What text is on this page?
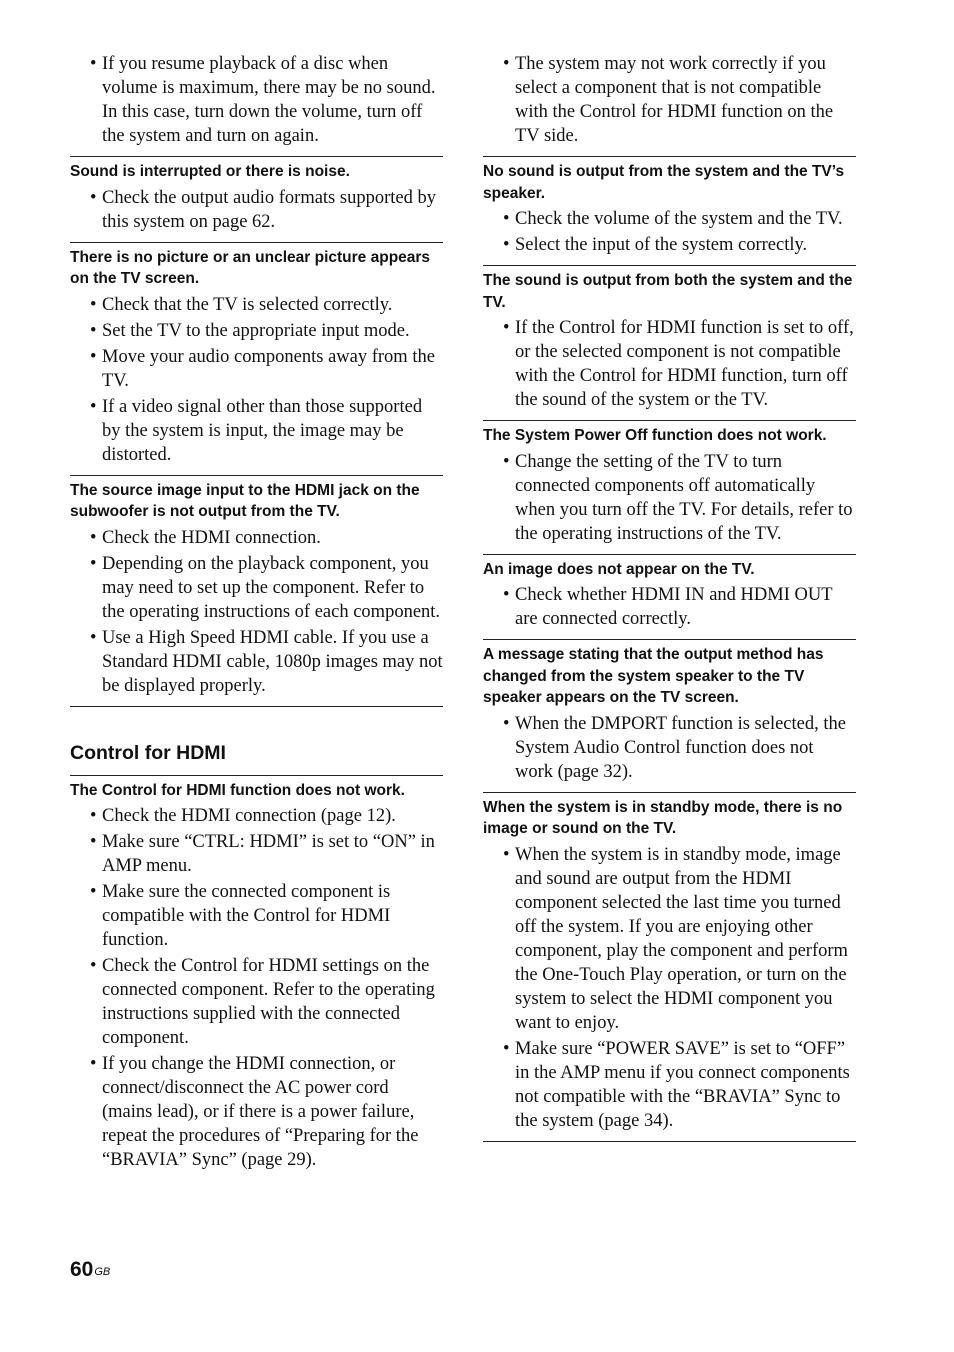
• If you resume playback of a disc when volume is maximum, there may be no sound. In this case, turn down the volume, turn off the system and turn on again.
Sound is interrupted or there is noise.
• Check the output audio formats supported by this system on page 62.
There is no picture or an unclear picture appears on the TV screen.
• Check that the TV is selected correctly.
• Set the TV to the appropriate input mode.
• Move your audio components away from the TV.
• If a video signal other than those supported by the system is input, the image may be distorted.
The source image input to the HDMI jack on the subwoofer is not output from the TV.
• Check the HDMI connection.
• Depending on the playback component, you may need to set up the component. Refer to the operating instructions of each component.
• Use a High Speed HDMI cable. If you use a Standard HDMI cable, 1080p images may not be displayed properly.
Control for HDMI
The Control for HDMI function does not work.
• Check the HDMI connection (page 12).
• Make sure “CTRL: HDMI” is set to “ON” in AMP menu.
• Make sure the connected component is compatible with the Control for HDMI function.
• Check the Control for HDMI settings on the connected component. Refer to the operating instructions supplied with the connected component.
• If you change the HDMI connection, or connect/disconnect the AC power cord (mains lead), or if there is a power failure, repeat the procedures of “Preparing for the “BRAVIA” Sync” (page 29).
• The system may not work correctly if you select a component that is not compatible with the Control for HDMI function on the TV side.
No sound is output from the system and the TV’s speaker.
• Check the volume of the system and the TV.
• Select the input of the system correctly.
The sound is output from both the system and the TV.
• If the Control for HDMI function is set to off, or the selected component is not compatible with the Control for HDMI function, turn off the sound of the system or the TV.
The System Power Off function does not work.
• Change the setting of the TV to turn connected components off automatically when you turn off the TV. For details, refer to the operating instructions of the TV.
An image does not appear on the TV.
• Check whether HDMI IN and HDMI OUT are connected correctly.
A message stating that the output method has changed from the system speaker to the TV speaker appears on the TV screen.
• When the DMPORT function is selected, the System Audio Control function does not work (page 32).
When the system is in standby mode, there is no image or sound on the TV.
• When the system is in standby mode, image and sound are output from the HDMI component selected the last time you turned off the system. If you are enjoying other component, play the component and perform the One-Touch Play operation, or turn on the system to select the HDMI component you want to enjoy.
• Make sure “POWER SAVE” is set to “OFF” in the AMP menu if you connect components not compatible with the “BRAVIA” Sync to the system (page 34).
$60^{GB}$
